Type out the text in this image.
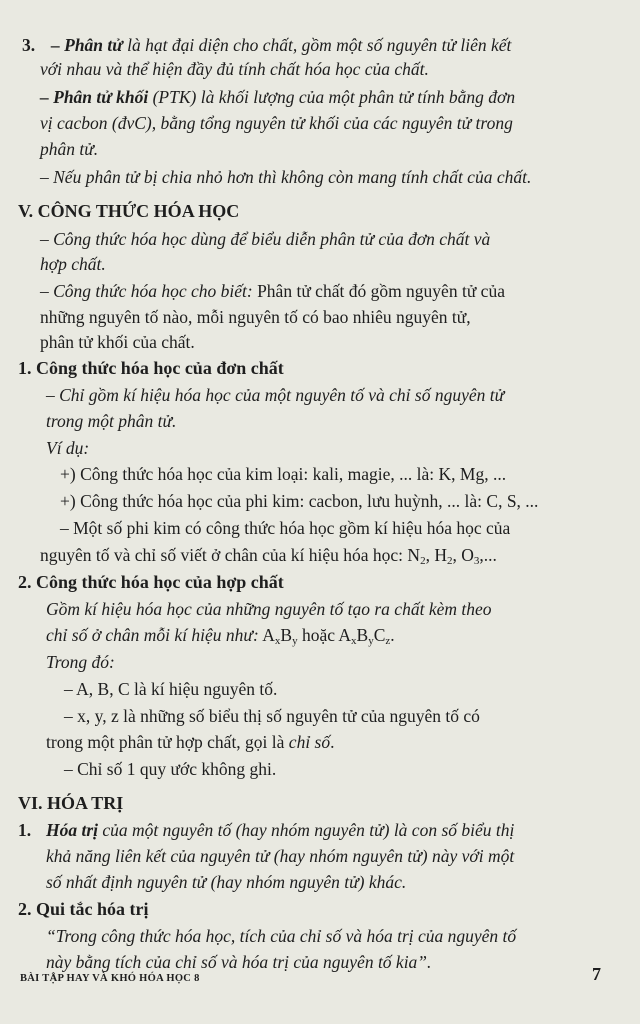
3. – Phân tử là hạt đại diện cho chất, gồm một số nguyên tử liên kết
với nhau và thể hiện đầy đủ tính chất hóa học của chất.
– Phân tử khối (PTK) là khối lượng của một phân tử tính bằng đơn
vị cacbon (đvC), bằng tổng nguyên tử khối của các nguyên tử trong
phân tử.
– Nếu phân tử bị chia nhỏ hơn thì không còn mang tính chất của chất.
V. CÔNG THỨC HÓA HỌC
– Công thức hóa học dùng để biểu diễn phân tử của đơn chất và
hợp chất.
– Công thức hóa học cho biết: Phân tử chất đó gồm nguyên tử của
những nguyên tố nào, mỗi nguyên tố có bao nhiêu nguyên tử,
phân tử khối của chất.
1. Công thức hóa học của đơn chất
– Chỉ gồm kí hiệu hóa học của một nguyên tố và chỉ số nguyên tử
trong một phân tử.
Ví dụ:
+) Công thức hóa học của kim loại: kali, magie, ... là: K, Mg, ...
+) Công thức hóa học của phi kim: cacbon, lưu huỳnh, ... là: C, S, ...
– Một số phi kim có công thức hóa học gồm kí hiệu hóa học của
nguyên tố và chỉ số viết ở chân của kí hiệu hóa học: $N_2$, $H_2$, $O_3$,...
2. Công thức hóa học của hợp chất
Gồm kí hiệu hóa học của những nguyên tố tạo ra chất kèm theo
chỉ số ở chân mỗi kí hiệu như: $A_xB_y$ hoặc $A_xB_yC_z$.
Trong đó:
– A, B, C là kí hiệu nguyên tố.
– x, y, z là những số biểu thị số nguyên tử của nguyên tố có
trong một phân tử hợp chất, gọi là chỉ số.
– Chỉ số 1 quy ước không ghi.
VI. HÓA TRỊ
1. Hóa trị của một nguyên tố (hay nhóm nguyên tử) là con số biểu thị
khả năng liên kết của nguyên tử (hay nhóm nguyên tử) này với một
số nhất định nguyên tử (hay nhóm nguyên tử) khác.
2. Qui tắc hóa trị
“Trong công thức hóa học, tích của chỉ số và hóa trị của nguyên tố
này bằng tích của chỉ số và hóa trị của nguyên tố kia”.
BÀI TẬP HAY VÀ KHÓ HÓA HỌC 8	7
